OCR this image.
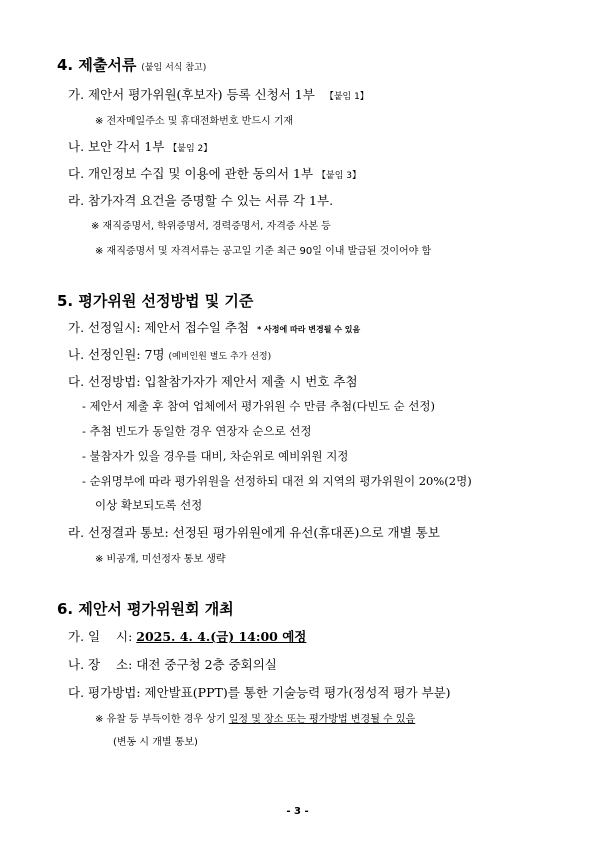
4. 제출서류 (붙임 서식 참고)
가. 제안서 평가위원(후보자) 등록 신청서 1부 【붙임 1】
※ 전자메일주소 및 휴대전화번호 반드시 기재
나. 보안 각서 1부 【붙임 2】
다. 개인정보 수집 및 이용에 관한 동의서 1부 【붙임 3】
라. 참가자격 요건을 증명할 수 있는 서류 각 1부.
※ 재직증명서, 학위증명서, 경력증명서, 자격증 사본 등
※ 재직증명서 및 자격서류는 공고일 기준 최근 90일 이내 발급된 것이어야 함
5. 평가위원 선정방법 및 기준
가. 선정일시: 제안서 접수일 추첨 * 사정에 따라 변경될 수 있음
나. 선정인원: 7명 (예비인원 별도 추가 선정)
다. 선정방법: 입찰참가자가 제안서 제출 시 번호 추첨
- 제안서 제출 후 참여 업체에서 평가위원 수 만큼 추첨(다빈도 순 선정)
- 추첨 빈도가 동일한 경우 연장자 순으로 선정
- 불참자가 있을 경우를 대비, 차순위로 예비위원 지정
- 순위명부에 따라 평가위원을 선정하되 대전 외 지역의 평가위원이 20%(2명)
이상 확보되도록 선정
라. 선정결과 통보: 선정된 평가위원에게 유선(휴대폰)으로 개별 통보
※ 비공개, 미선정자 통보 생략
6. 제안서 평가위원회 개최
가. 일    시: 2025. 4. 4.(금) 14:00 예정
나. 장    소: 대전 중구청 2층 중회의실
다. 평가방법: 제안발표(PPT)를 통한 기술능력 평가(정성적 평가 부분)
※ 유찰 등 부득이한 경우 상기 일정 및 장소 또는 평가방법 변경될 수 있음
(변동 시 개별 통보)
- 3 -
